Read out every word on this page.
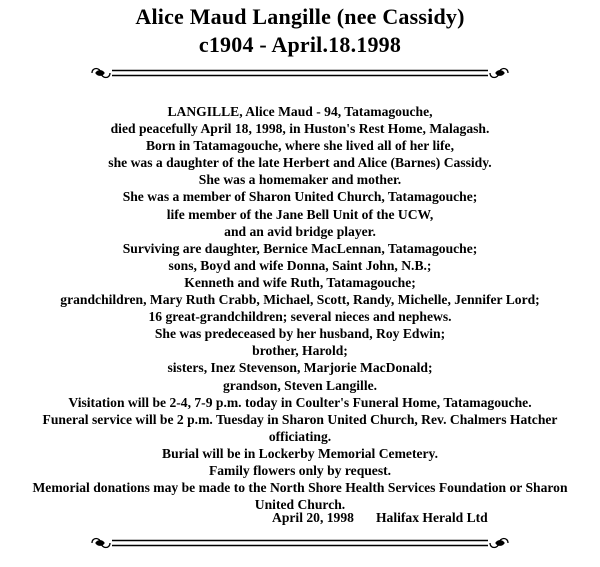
Alice Maud Langille (nee Cassidy)
c1904 - April.18.1998
LANGILLE, Alice Maud - 94, Tatamagouche,
died peacefully April 18, 1998, in Huston's Rest Home, Malagash.
Born in Tatamagouche, where she lived all of her life,
she was a daughter of the late Herbert and Alice (Barnes) Cassidy.
She was a homemaker and mother.
She was a member of Sharon United Church, Tatamagouche;
life member of the Jane Bell Unit of the UCW,
and an avid bridge player.
Surviving are daughter, Bernice MacLennan, Tatamagouche;
sons, Boyd and wife Donna, Saint John, N.B.;
Kenneth and wife Ruth, Tatamagouche;
grandchildren, Mary Ruth Crabb, Michael, Scott, Randy, Michelle, Jennifer Lord;
16 great-grandchildren; several nieces and nephews.
She was predeceased by her husband, Roy Edwin;
brother, Harold;
sisters, Inez Stevenson, Marjorie MacDonald;
grandson, Steven Langille.
Visitation will be 2-4, 7-9 p.m. today in Coulter's Funeral Home, Tatamagouche.
Funeral service will be 2 p.m. Tuesday in Sharon United Church, Rev. Chalmers Hatcher
officiating.
Burial will be in Lockerby Memorial Cemetery.
Family flowers only by request.
Memorial donations may be made to the North Shore Health Services Foundation or Sharon
United Church.
April 20, 1998 Halifax Herald Ltd
